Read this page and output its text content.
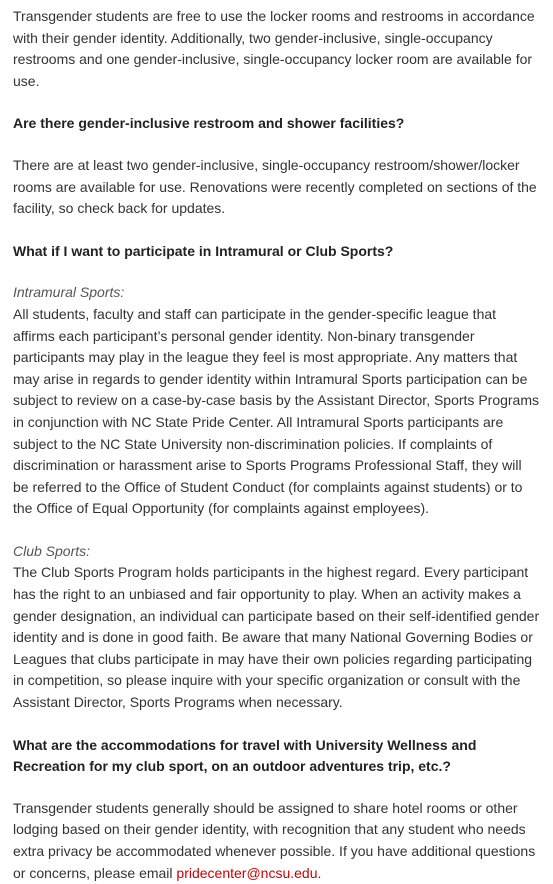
Transgender students are free to use the locker rooms and restrooms in accordance with their gender identity. Additionally, two gender-inclusive, single-occupancy restrooms and one gender-inclusive, single-occupancy locker room are available for use.

Are there gender-inclusive restroom and shower facilities?

There are at least two gender-inclusive, single-occupancy restroom/shower/locker rooms are available for use. Renovations were recently completed on sections of the facility, so check back for updates.

What if I want to participate in Intramural or Club Sports?

Intramural Sports:

All students, faculty and staff can participate in the gender-specific league that affirms each participant’s personal gender identity. Non-binary transgender participants may play in the league they feel is most appropriate. Any matters that may arise in regards to gender identity within Intramural Sports participation can be subject to review on a case-by-case basis by the Assistant Director, Sports Programs in conjunction with NC State Pride Center. All Intramural Sports participants are subject to the NC State University non-discrimination policies. If complaints of discrimination or harassment arise to Sports Programs Professional Staff, they will be referred to the Office of Student Conduct (for complaints against students) or to the Office of Equal Opportunity (for complaints against employees).

Club Sports:

The Club Sports Program holds participants in the highest regard. Every participant has the right to an unbiased and fair opportunity to play. When an activity makes a gender designation, an individual can participate based on their self-identified gender identity and is done in good faith. Be aware that many National Governing Bodies or Leagues that clubs participate in may have their own policies regarding participating in competition, so please inquire with your specific organization or consult with the Assistant Director, Sports Programs when necessary.

What are the accommodations for travel with University Wellness and Recreation for my club sport, on an outdoor adventures trip, etc.?

Transgender students generally should be assigned to share hotel rooms or other lodging based on their gender identity, with recognition that any student who needs extra privacy be accommodated whenever possible. If you have additional questions or concerns, please email pridecenter@ncsu.edu.
